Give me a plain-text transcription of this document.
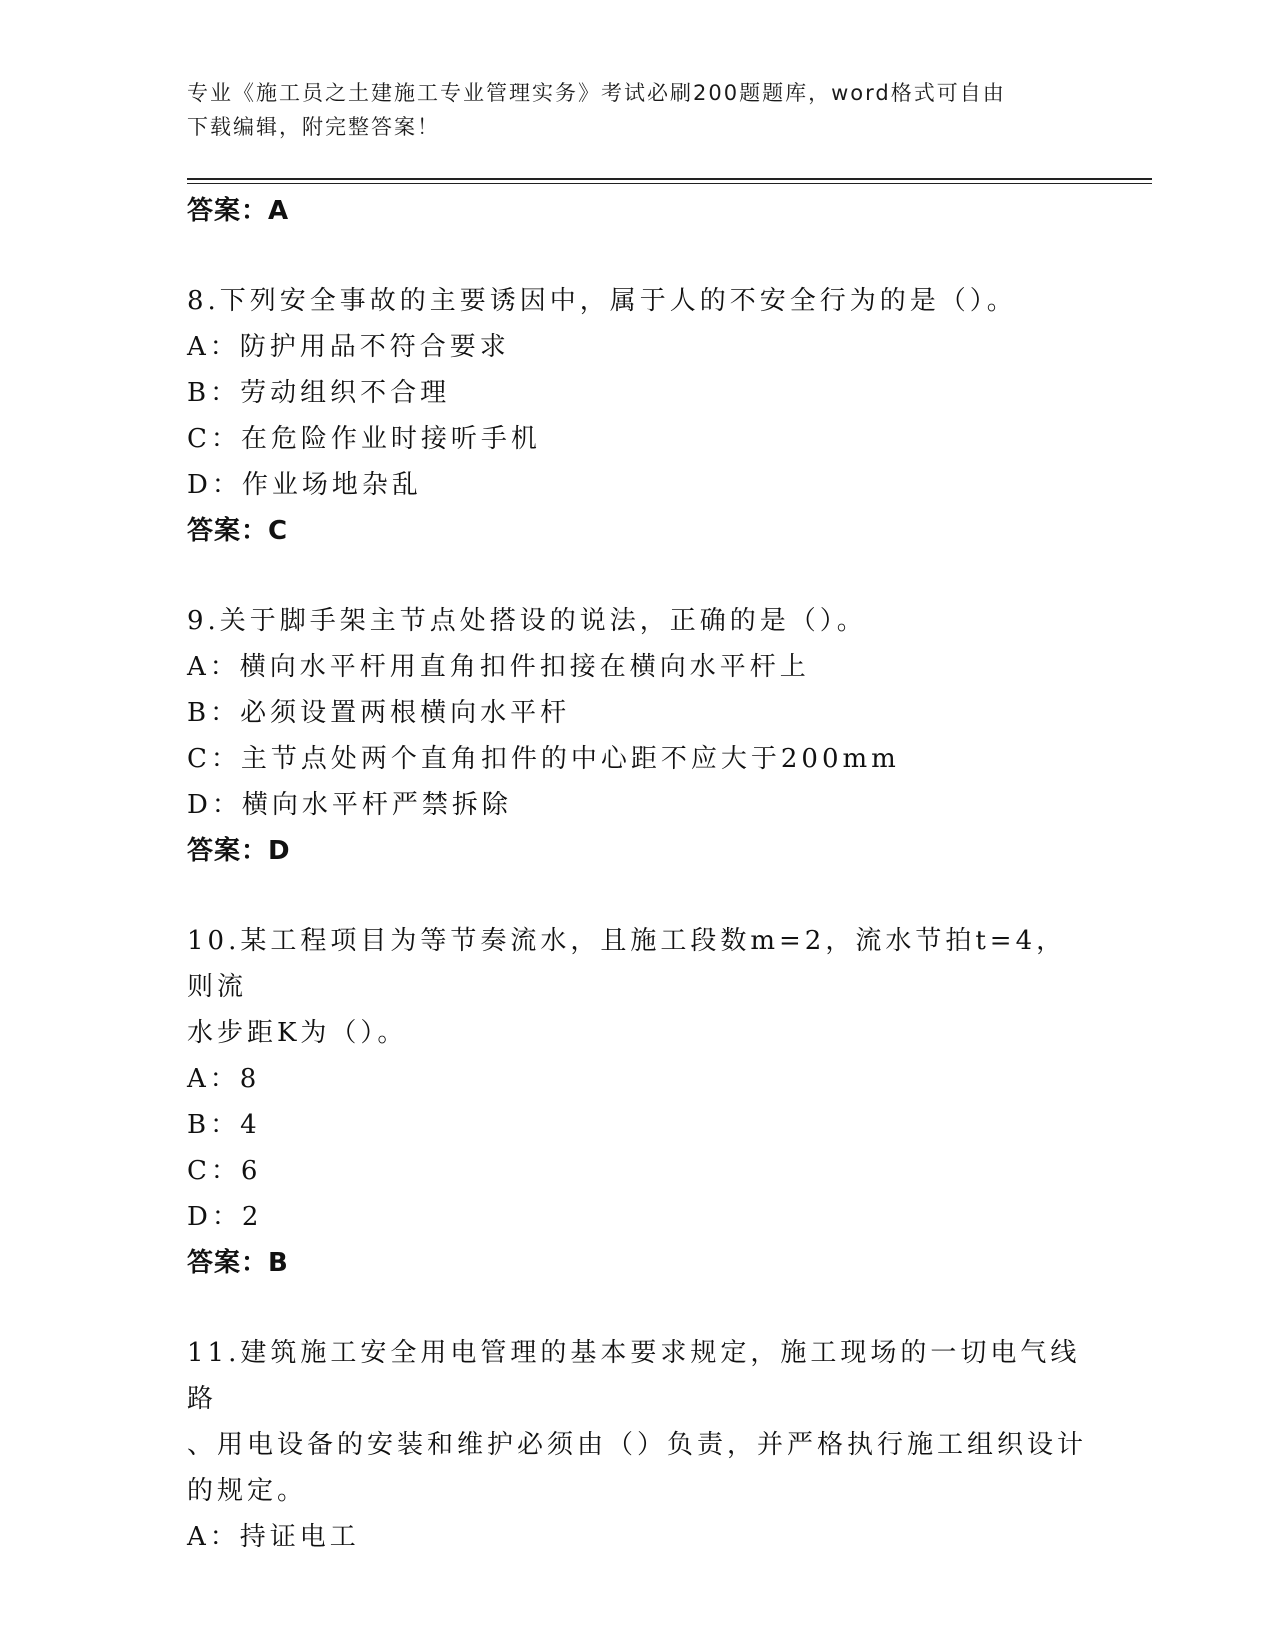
专业《施工员之土建施工专业管理实务》考试必刷200题题库，word格式可自由
下载编辑，附完整答案！

答案：A

8.下列安全事故的主要诱因中，属于人的不安全行为的是（）。

A：防护用品不符合要求

B：劳动组织不合理

C：在危险作业时接听手机

D：作业场地杂乱

答案：C

9.关于脚手架主节点处搭设的说法，正确的是（）。

A：横向水平杆用直角扣件扣接在横向水平杆上

B：必须设置两根横向水平杆

C：主节点处两个直角扣件的中心距不应大于200mm

D：横向水平杆严禁拆除

答案：D

10.某工程项目为等节奏流水，且施工段数m=2，流水节拍t=4，则流

水步距K为（）。

A：8

B：4

C：6

D：2

答案：B

11.建筑施工安全用电管理的基本要求规定，施工现场的一切电气线路

、用电设备的安装和维护必须由（）负责，并严格执行施工组织设计

的规定。

A：持证电工
